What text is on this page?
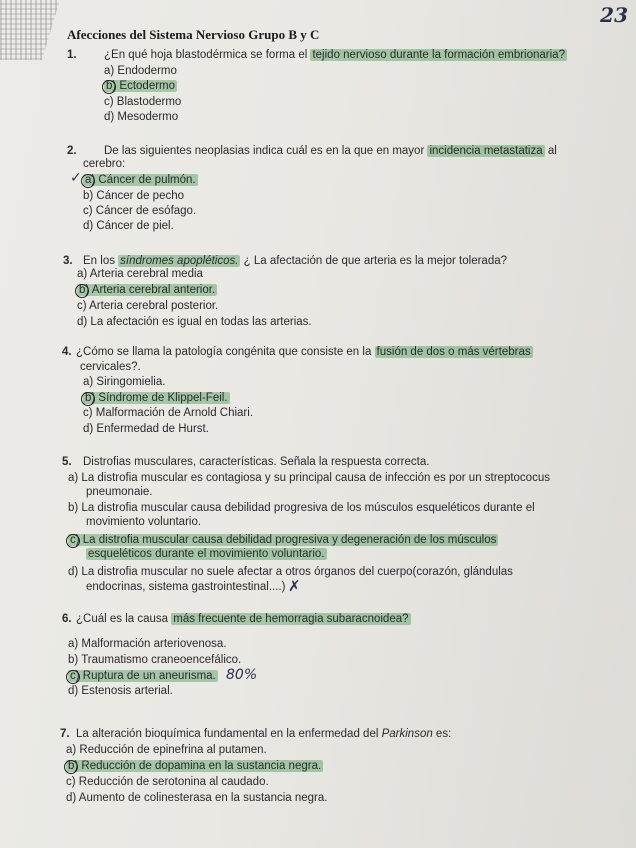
23
Afecciones del Sistema Nervioso Grupo B y C
1. ¿En qué hoja blastodérmica se forma el tejido nervioso durante la formación embrionaria?
a) Endodermo
b) Ectodermo
c) Blastodermo
d) Mesodermo
2. De las siguientes neoplasias indica cuál es en la que en mayor incidencia metastatiza al
cerebro:
a) Cáncer de pulmón.
✓
b) Cáncer de pecho
c) Cáncer de esófago.
d) Cáncer de piel.
3. En los síndromes apopléticos. ¿ La afectación de que arteria es la mejor tolerada?
a) Arteria cerebral media
b) Arteria cerebral anterior.
c) Arteria cerebral posterior.
d) La afectación es igual en todas las arterias.
4. ¿Cómo se llama la patología congénita que consiste en la fusión de dos o más vértebras
cervicales?.
a) Siringomielia.
b) Síndrome de Klippel-Feil.
c) Malformación de Arnold Chiari.
d) Enfermedad de Hurst.
5. Distrofias musculares, características. Señala la respuesta correcta.
a) La distrofia muscular es contagiosa y su principal causa de infección es por un streptococus
pneumonaie.
b) La distrofia muscular causa debilidad progresiva de los músculos esqueléticos durante el
movimiento voluntario.
c) La distrofia muscular causa debilidad progresiva y degeneración de los músculos
esqueléticos durante el movimiento voluntario.
d) La distrofia muscular no suele afectar a otros órganos del cuerpo(corazón, glándulas
endocrinas, sistema gastrointestinal....) ✗
6. ¿Cuál es la causa más frecuente de hemorragia subaracnoidea?
a) Malformación arteriovenosa.
b) Traumatismo craneoencefálico.
c) Ruptura de un aneurisma. 80%
d) Estenosis arterial.
7. La alteración bioquímica fundamental en la enfermedad del Parkinson es:
a) Reducción de epinefrina al putamen.
b) Reducción de dopamina en la sustancia negra.
c) Reducción de serotonina al caudado.
d) Aumento de colinesterasa en la sustancia negra.
